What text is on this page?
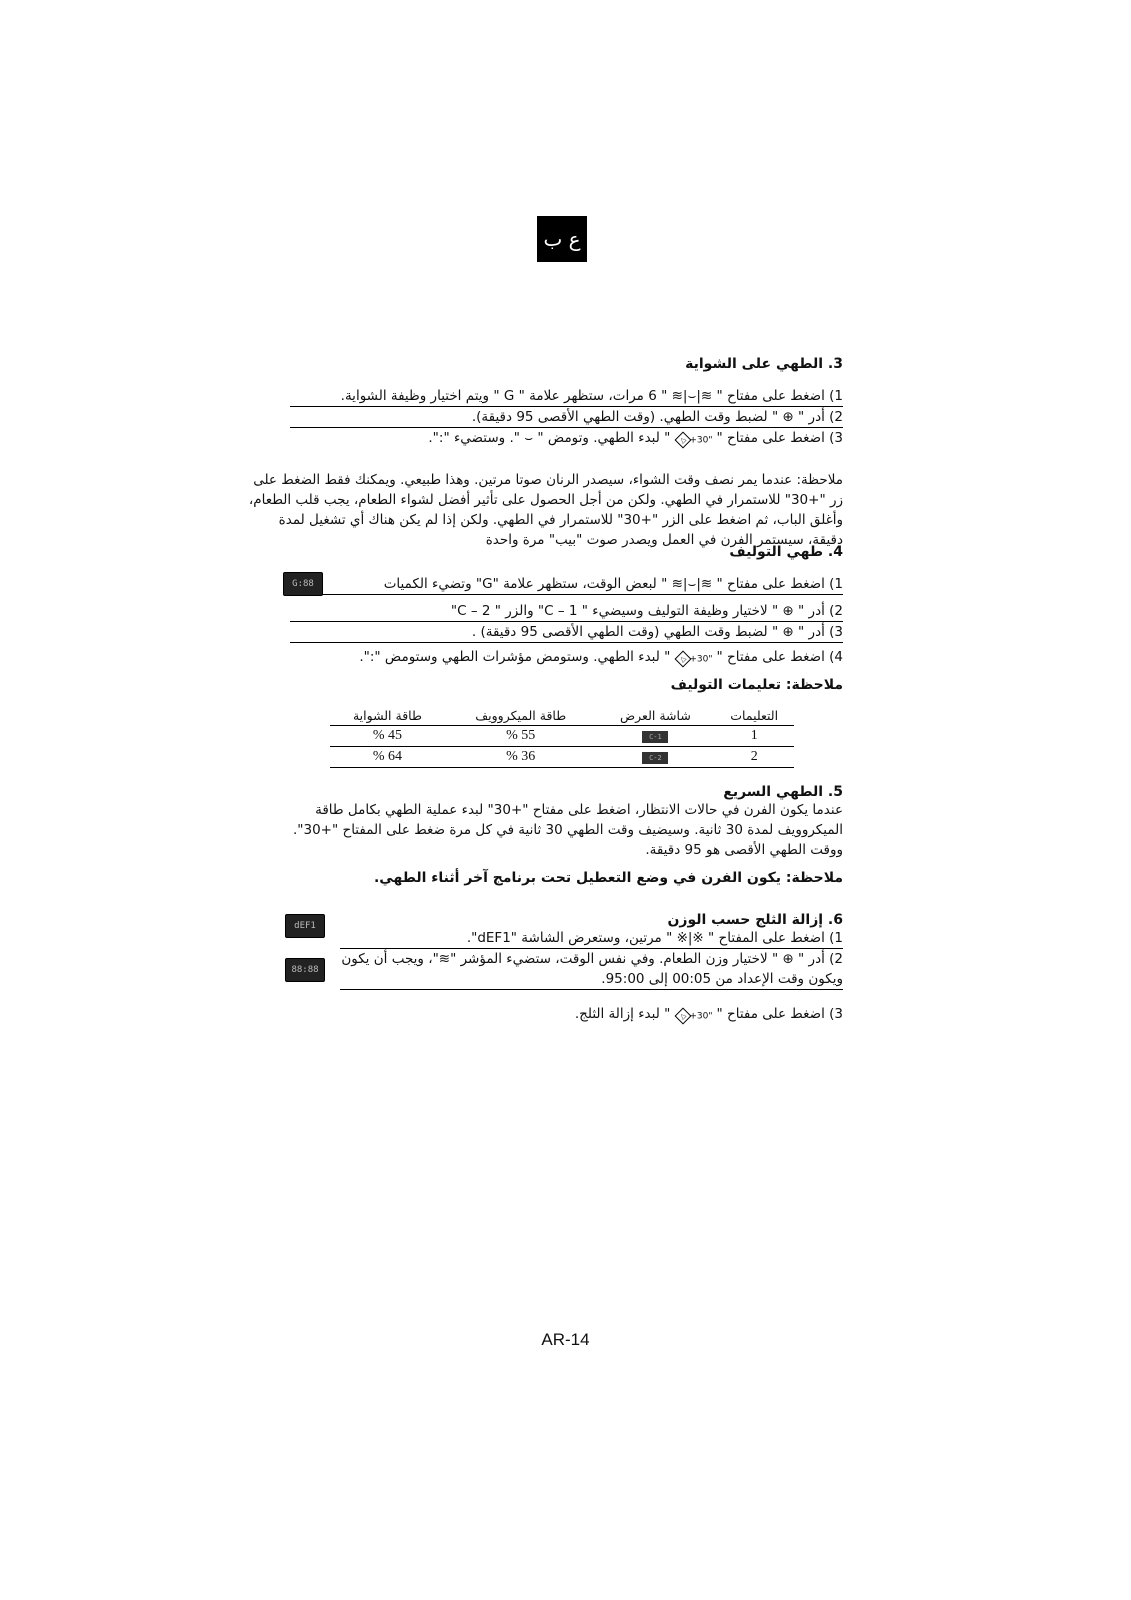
ع ب
3. الطهي على الشواية
1) اضغط على مفتاح " ≋|⌣|≋ " 6 مرات، ستظهر علامة " G " ويتم اختيار وظيفة الشواية.
2) أدر " ⊕ " لضبط وقت الطهي. (وقت الطهي الأقصى 95 دقيقة).
3) اضغط على مفتاح "◁+30"" لبدء الطهي. وتومض " ⌣ ". وستضيء ":".
ملاحظة: عندما يمر نصف وقت الشواء، سيصدر الرنان صوتا مرتين. وهذا طبيعي. ويمكنك فقط الضغط على زر "+30" للاستمرار في الطهي. ولكن من أجل الحصول على تأثير أفضل لشواء الطعام، يجب قلب الطعام، وأغلق الباب، ثم اضغط على الزر "+30" للاستمرار في الطهي. ولكن إذا لم يكن هناك أي تشغيل لمدة دقيقة، سيستمر الفرن في العمل ويصدر صوت "بيب" مرة واحدة
4. طهي التوليف
1) اضغط على مفتاح " ≋|⌣|≋ " لبعض الوقت، ستظهر علامة "G" وتضيء الكميات
2) أدر " ⊕ " لاختيار وظيفة التوليف وسيضيء " C – 1" والزر " C – 2"
3) أدر " ⊕ " لضبط وقت الطهي (وقت الطهي الأقصى 95 دقيقة) .
4) اضغط على مفتاح "◁+30"" لبدء الطهي. وستومض مؤشرات الطهي وستومض ":".
ملاحظة: تعليمات التوليف
G:88
التعليمات	شاشة العرض	طاقة الميكروويف	طاقة الشواية
1	C-1	55 %	45 %
2	C-2	36 %	64 %
5. الطهي السريع
عندما يكون الفرن في حالات الانتظار، اضغط على مفتاح "+30" لبدء عملية الطهي بكامل طاقة الميكروويف لمدة 30 ثانية. وسيضيف وقت الطهي 30 ثانية في كل مرة ضغط على المفتاح "+30". ووقت الطهي الأقصى هو 95 دقيقة.
ملاحظة: يكون الفرن في وضع التعطيل تحت برنامج آخر أثناء الطهي.
6. إزالة الثلج حسب الوزن
1) اضغط على المفتاح " ※|※ " مرتين، وستعرض الشاشة "dEF1".
2) أدر " ⊕ " لاختيار وزن الطعام. وفي نفس الوقت، ستضيء المؤشر "≋"، ويجب أن يكون
ويكون وقت الإعداد من 00:05 إلى 95:00.
3) اضغط على مفتاح "◁+30"" لبدء إزالة الثلج.
dEF1
88:88
AR-14
